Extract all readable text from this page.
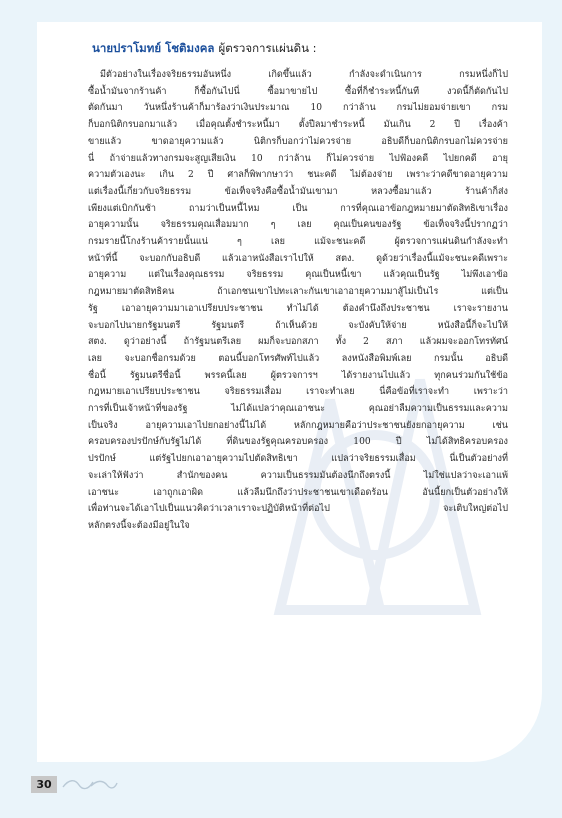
นายปราโมทย์ โชติมงคล ผู้ตรวจการแผ่นดิน :
มีตัวอย่างในเรื่องจริยธรรมอันหนึ่ง เกิดขึ้นแล้ว กำลังจะดำเนินการ กรมหนึ่งก็ไป
ซื้อน้ำมันจากร้านค้า ก็ซื้อกันไปนี่ ซื้อมาขายไป ซื้อที่ก็ชำระหนี้กันที งวดนี้ก็ตัดกันไป
ตัดกันมา วันหนึ่งร้านค้าก็มาร้องว่าเงินประมาณ 10 กว่าล้าน กรมไม่ยอมจ่ายเขา กรม
ก็บอกนิติกรบอกมาแล้ว เมื่อคุณตั้งชำระหนี้มา ตั้งปีลมาชำระหนี้ มันเกิน 2 ปี เรื่องค้า
ขายแล้ว ขาดอายุความแล้ว นิติกรก็บอกว่าไม่ควรจ่าย อธิบดีก็บอกนิติกรบอกไม่ควรจ่าย
นี่ ถ้าจ่ายแล้วทางกรมจะสูญเสียเงิน 10 กว่าล้าน ก็ไม่ควรจ่าย ไปฟ้องคดี ไปยกคดี อายุ
ความตัวเองนะ เกิน 2 ปี ศาลก็พิพากษาว่า ชนะคดี ไม่ต้องจ่าย เพราะว่าคดีขาดอายุความ
แต่เรื่องนี้เกี่ยวกับจริยธรรม ข้อเท็จจริงคือซื้อน้ำมันเขามา หลวงซื้อมาแล้ว ร้านค้าก็ส่ง
เพียงแต่เบิกกันช้า ถามว่าเป็นหนี้ไหม เป็น การที่คุณเอาข้อกฎหมายมาตัดสิทธิเขาเรื่อง
อายุความนั้น จริยธรรมคุณเสื่อมมาก ๆ เลย คุณเป็นคนของรัฐ ข้อเท็จจริงนี้ปรากฏว่า
กรมรายนี้โกงร้านค้ารายนั้นแน่ ๆ เลย แม้จะชนะคดี ผู้ตรวจการแผ่นดินกำลังจะทำ
หน้าที่นี้ จะบอกกับอธิบดี แล้วเอาหนังสือเราไปให้ สตง. ดูด้วยว่าเรื่องนี้แม้จะชนะคดีเพราะ
อายุความ แต่ในเรื่องคุณธรรม จริยธรรม คุณเป็นหนี้เขา แล้วคุณเป็นรัฐ ไม่พึงเอาข้อ
กฎหมายมาตัดสิทธิคน ถ้าเอกชนเขาไปทะเลาะกันเขาเอาอายุความมาสู้ไม่เป็นไร แต่เป็น
รัฐ เอาอายุความมาเอาเปรียบประชาชน ทำไม่ได้ ต้องคำนึงถึงประชาชน เราจะรายงาน
จะบอกไปนายกรัฐมนตรี รัฐมนตรี ถ้าเห็นด้วย จะบังคับให้จ่าย หนังสือนี้ก็จะไปให้
สตง. ดูว่าอย่างนี้ ถ้ารัฐมนตรีเลย ผมก็จะบอกสภา ทั้ง 2 สภา แล้วผมจะออกโทรทัศน์
เลย จะบอกชื่อกรมด้วย ตอนนี้บอกโทรศัพท์ไปแล้ว ลงหนังสือพิมพ์เลย กรมนั้น อธิบดี
ชื่อนี้ รัฐมนตรีชื่อนี้ พรรคนี้เลย ผู้ตรวจการฯ ได้รายงานไปแล้ว ทุกคนร่วมกันใช้ข้อ
กฎหมายเอาเปรียบประชาชน จริยธรรมเสื่อม เราจะทำเลย นี่คือข้อที่เราจะทำ เพราะว่า
การที่เป็นเจ้าหน้าที่ของรัฐ ไม่ได้แปลว่าคุณเอาชนะ คุณอย่าลืมความเป็นธรรมและความ
เป็นจริง อายุความเอาไปยกอย่างนี้ไม่ได้ หลักกฎหมายคือว่าประชาชนยังยกอายุความ เช่น
ครอบครองปรปักษ์กับรัฐไม่ได้ ที่ดินของรัฐคุณครอบครอง 100 ปี ไม่ได้สิทธิครอบครอง
ปรปักษ์ แต่รัฐไปยกเอาอายุความไปตัดสิทธิเขา แปลว่าจริยธรรมเสื่อม นี่เป็นตัวอย่างที่
จะเล่าให้ฟังว่า สำนักของคน ความเป็นธรรมมันต้องนึกถึงตรงนี้ ไม่ใช่แปลว่าจะเอาแพ้
เอาชนะ เอาถูกเอาผิด แล้วลืมนึกถึงว่าประชาชนเขาเดือดร้อน อันนี้ยกเป็นตัวอย่างให้
เพื่อท่านจะได้เอาไปเป็นแนวคิดว่าเวลาเราจะปฏิบัติหน้าที่ต่อไป จะเติบใหญ่ต่อไป
หลักตรงนี้จะต้องมีอยู่ในใจ
30
